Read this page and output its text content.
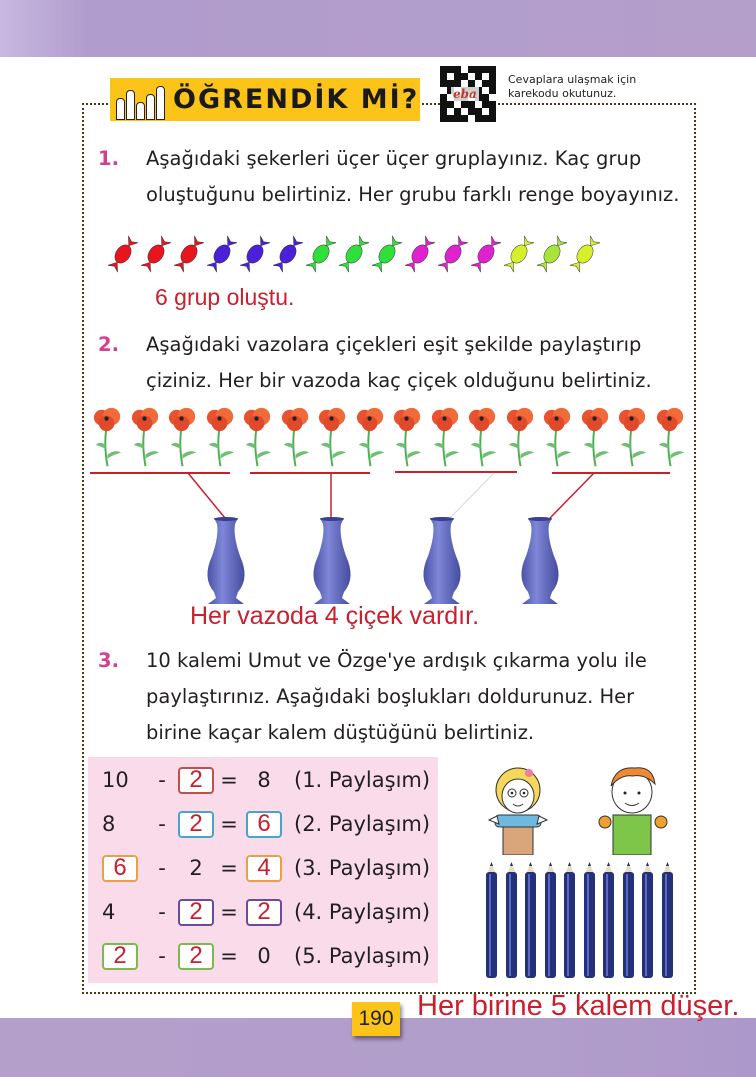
ÖĞRENDİK Mİ?	eba
Cevaplara ulaşmak için
karekodu okutunuz.
1. Aşağıdaki şekerleri üçer üçer gruplayınız. Kaç grup
oluştuğunu belirtiniz. Her grubu farklı renge boyayınız.
6 grup oluştu.
2. Aşağıdaki vazolara çiçekleri eşit şekilde paylaştırıp
çiziniz. Her bir vazoda kaç çiçek olduğunu belirtiniz.
Her vazoda 4 çiçek vardır.
3. 10 kalemi Umut ve Özge'ye ardışık çıkarma yolu ile
paylaştırınız. Aşağıdaki boşlukları doldurunuz. Her
birine kaçar kalem düştüğünü belirtiniz.
10	- 2 = 8	(1. Paylaşım)
8	- 2 = 6	(2. Paylaşım)
6	-	2 = 4	(3. Paylaşım)
4	- 2 = 2	(4. Paylaşım)
2	- 2 = 0	(5. Paylaşım)
190 Her birine 5 kalem düşer.
